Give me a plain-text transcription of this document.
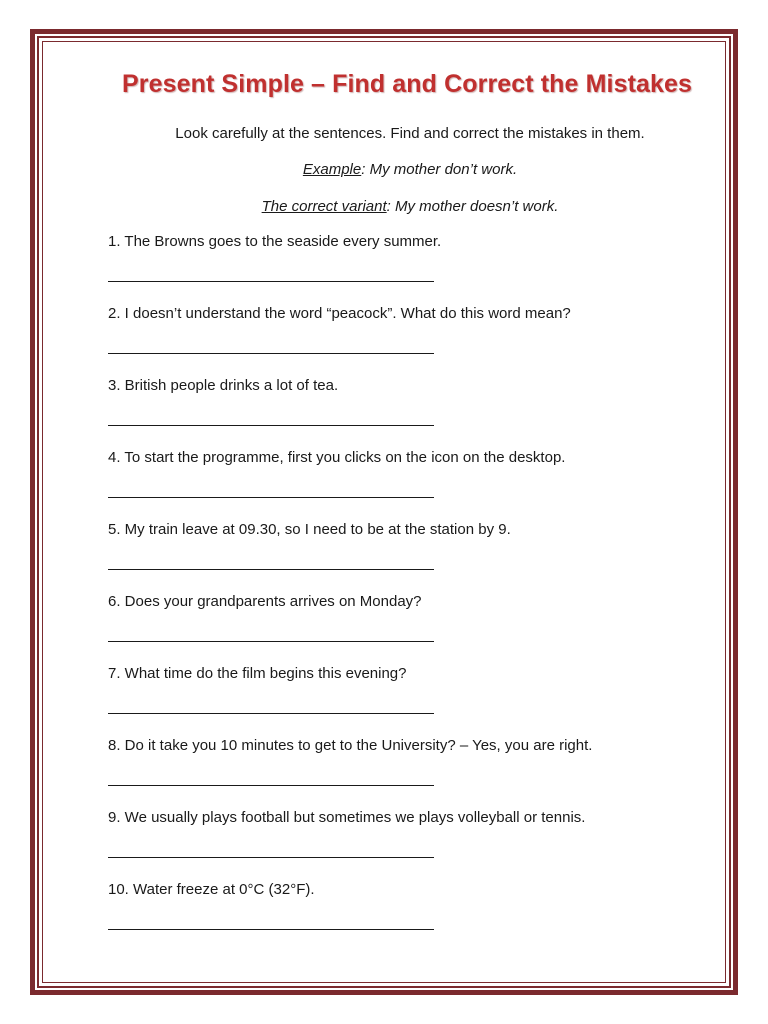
Present Simple – Find and Correct the Mistakes
Look carefully at the sentences. Find and correct the mistakes in them.
Example: My mother don’t work.
The correct variant: My mother doesn’t work.
1. The Browns goes to the seaside every summer.
2. I doesn’t understand the word “peacock”. What do this word mean?
3. British people drinks a lot of tea.
4. To start the programme, first you clicks on the icon on the desktop.
5. My train leave at 09.30, so I need to be at the station by 9.
6. Does your grandparents arrives on Monday?
7. What time do the film begins this evening?
8. Do it take you 10 minutes to get to the University? – Yes, you are right.
9. We usually plays football but sometimes we plays volleyball or tennis.
10. Water freeze at 0°C (32°F).
